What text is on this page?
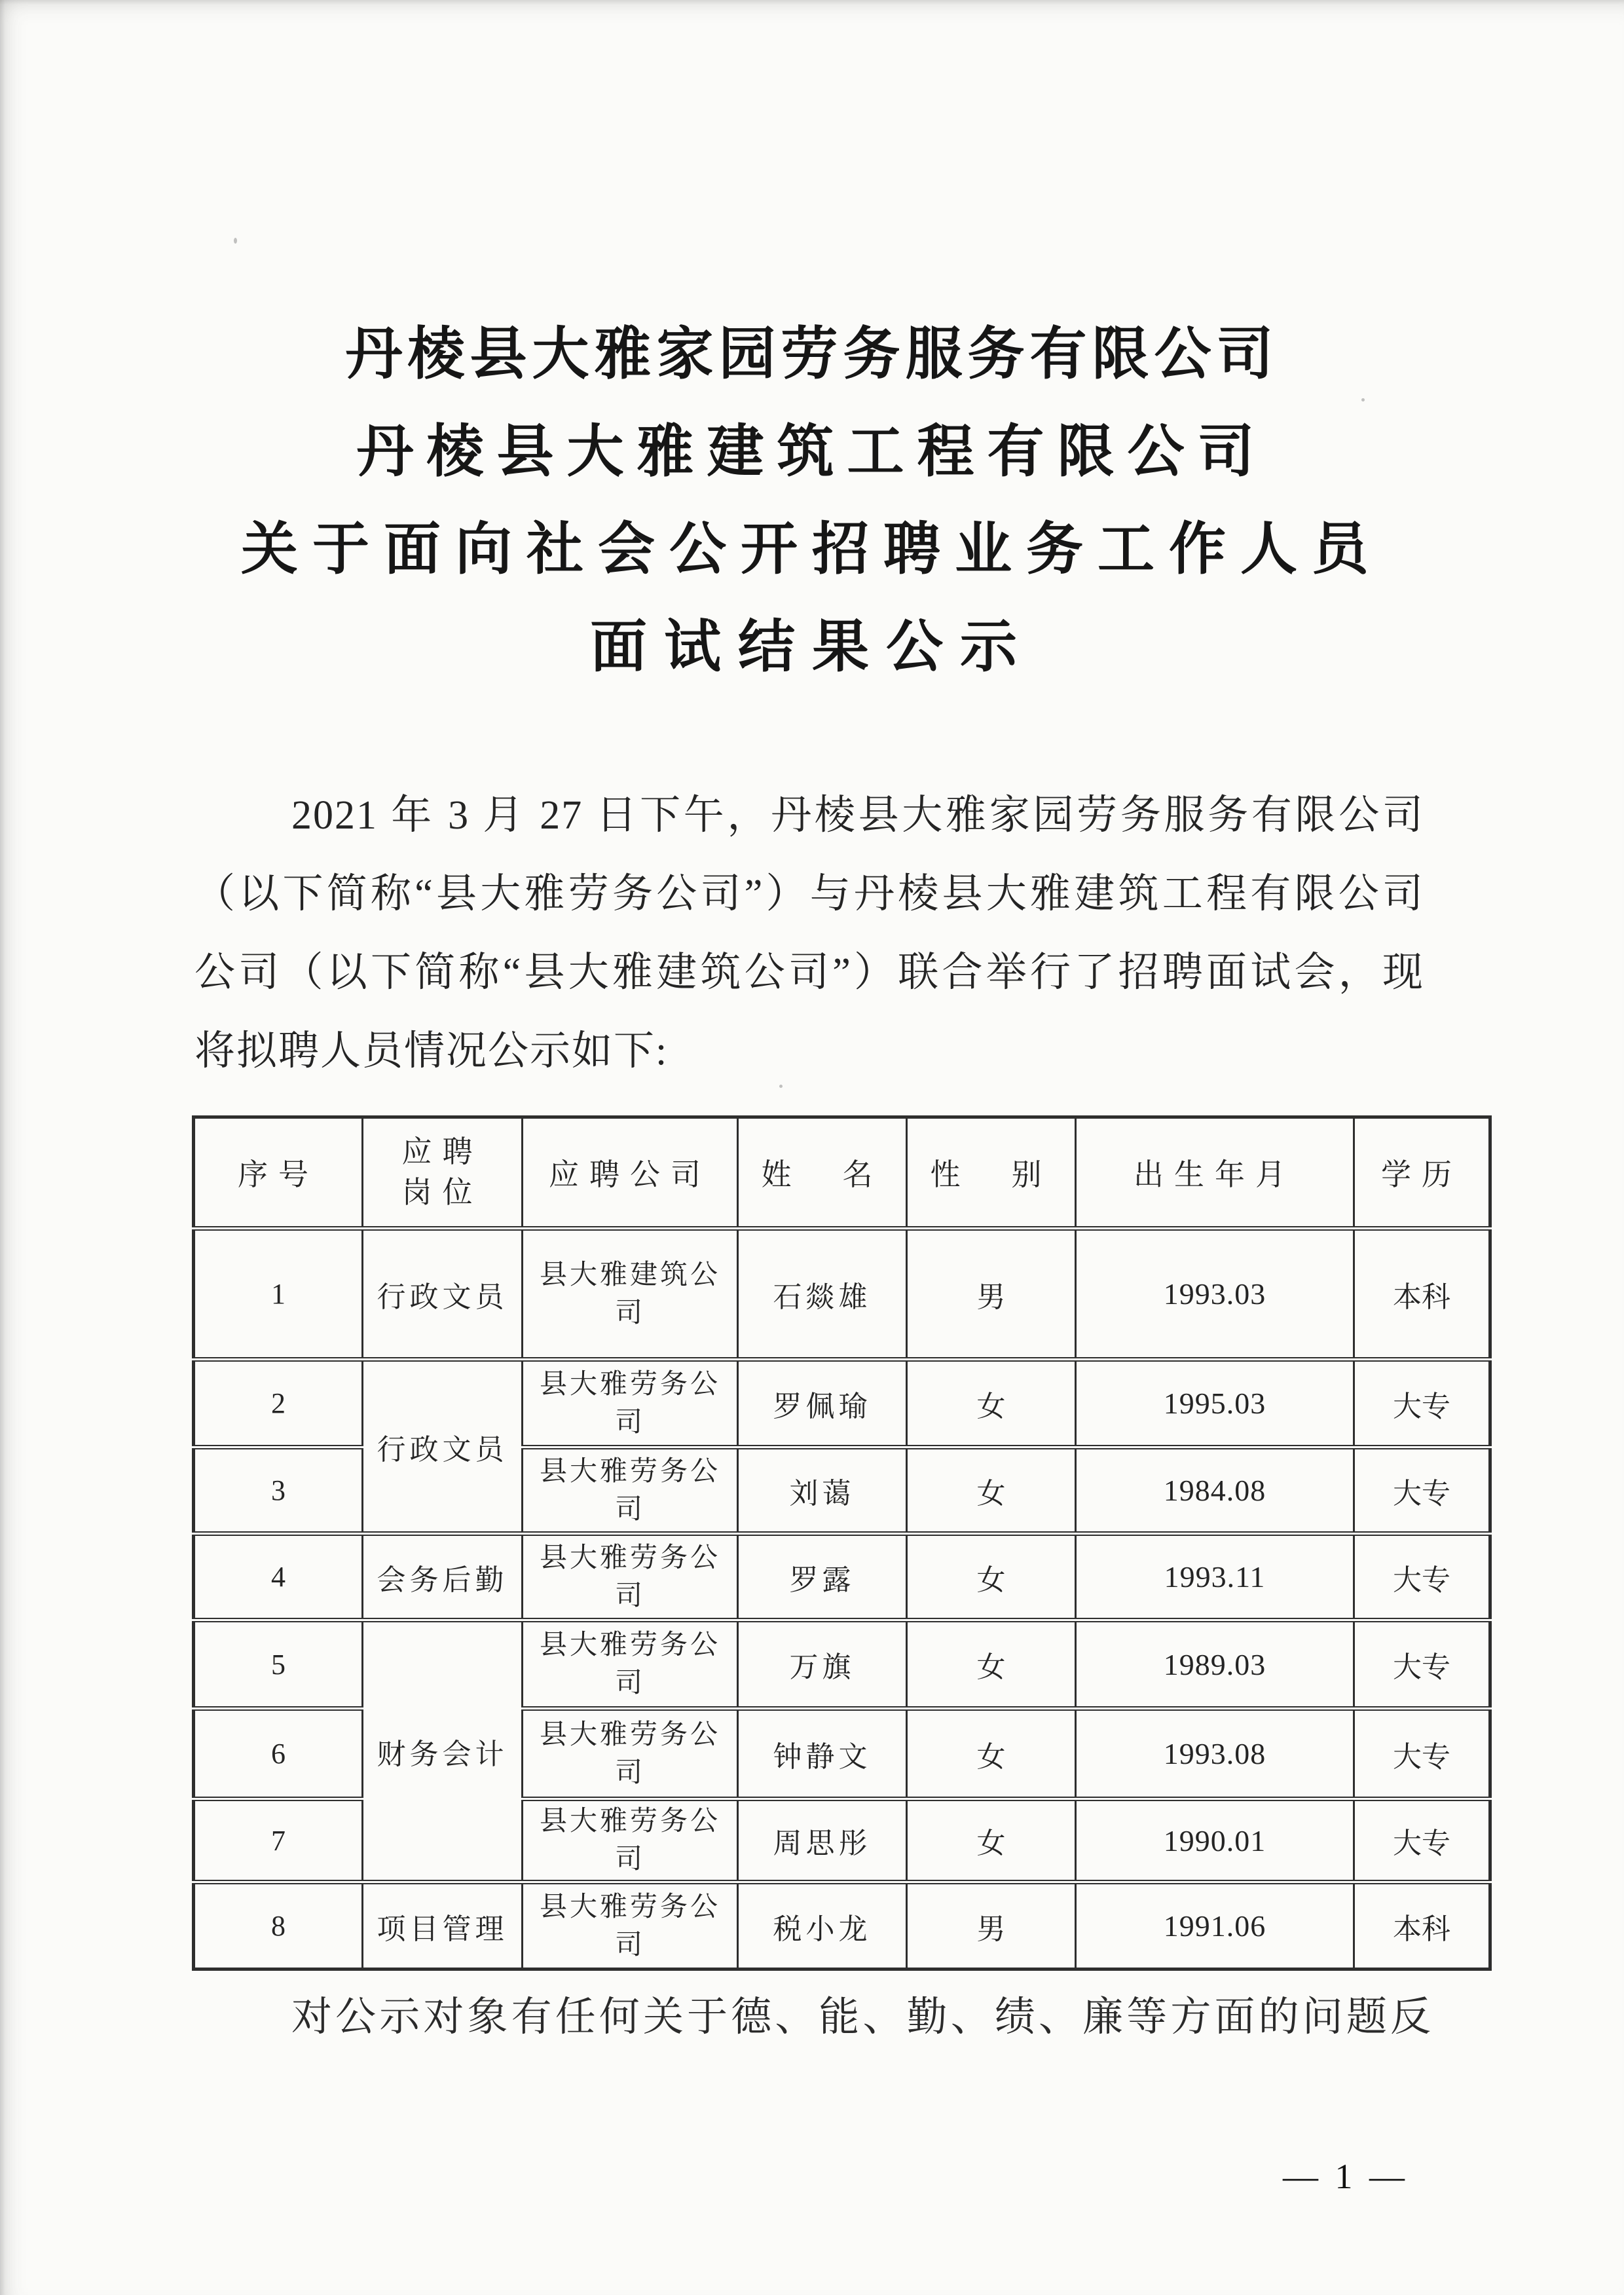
丹棱县大雅家园劳务服务有限公司
丹棱县大雅建筑工程有限公司
关于面向社会公开招聘业务工作人员
面试结果公示
2021 年 3 月 27 日下午，丹棱县大雅家园劳务服务有限公司
（以下简称“县大雅劳务公司”）与丹棱县大雅建筑工程有限公司
公司（以下简称“县大雅建筑公司”）联合举行了招聘面试会，现
将拟聘人员情况公示如下:
序号	应聘岗位	应聘公司	姓　名	性　别	出生年月	学历
1	行政文员	县大雅建筑公司	石燚雄	男	1993.03	本科
2	行政文员	县大雅劳务公司	罗佩瑜	女	1995.03	大专
3		县大雅劳务公司	刘蔼	女	1984.08	大专
4	会务后勤	县大雅劳务公司	罗露	女	1993.11	大专
5	财务会计	县大雅劳务公司	万旗	女	1989.03	大专
6		县大雅劳务公司	钟静文	女	1993.08	大专
7		县大雅劳务公司	周思彤	女	1990.01	大专
8	项目管理	县大雅劳务公司	税小龙	男	1991.06	本科
对公示对象有任何关于德、能、勤、绩、廉等方面的问题反
— 1 —
